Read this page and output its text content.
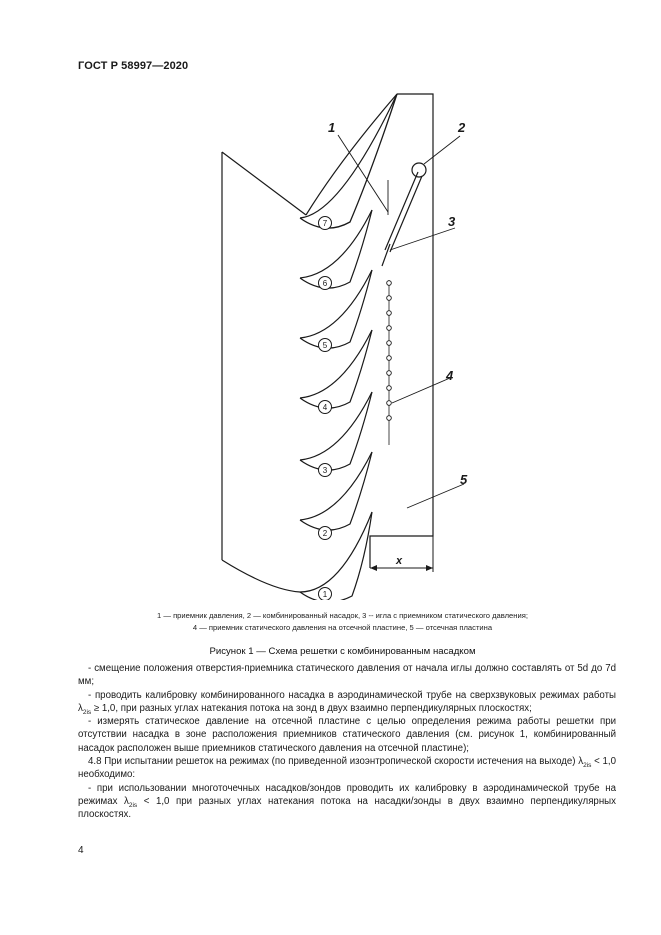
ГОСТ Р 58997—2020
7
6
5
4
3
2
1
1	2
3
4
5
x
1 — приемник давления, 2 — комбинированный насадок, 3 -- игла с приемником статического давления;
4 — приемник статического давления на отсечной пластине, 5 — отсечная пластина
Рисунок 1 — Схема решетки с комбинированным насадком

- смещение положения отверстия-приемника статического давления от начала иглы должно составлять от 5d до 7d мм;

- проводить калибровку комбинированного насадка в аэродинамической трубе на сверхзвуковых режимах работы $\lambda_{2is} \ge 1,0$, при разных углах натекания потока на зонд в двух взаимно перпендикулярных плоскостях;

- измерять статическое давление на отсечной пластине с целью определения режима работы решетки при отсутствии насадка в зоне расположения приемников статического давления (см. рисунок 1, комбинированный насадок расположен выше приемников статического давления на отсечной пластине);

4.8 При испытании решеток на режимах (по приведенной изоэнтропической скорости истечения на выходе) $\lambda_{2is} < 1,0$ необходимо:

- при использовании многоточечных насадков/зондов проводить их калибровку в аэродинамической трубе на режимах $\lambda_{2is} < 1,0$ при разных углах натекания потока на насадки/зонды в двух взаимно перпендикулярных плоскостях.

4
